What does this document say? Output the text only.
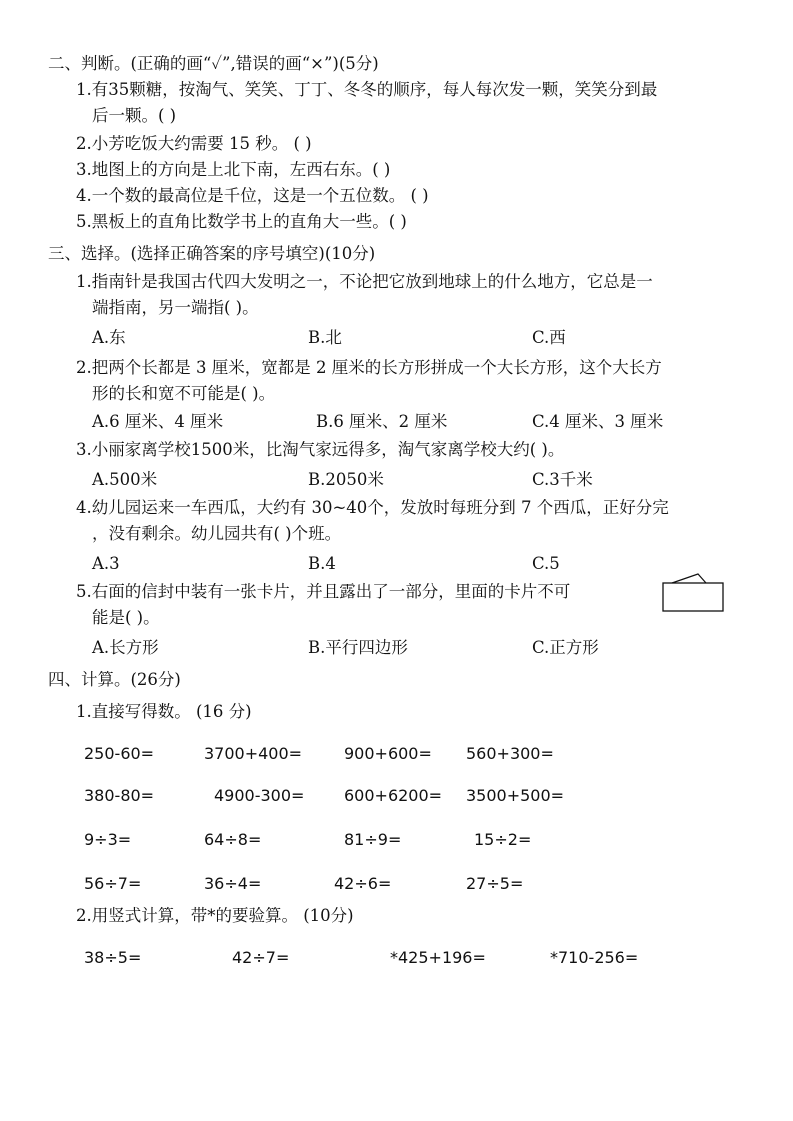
二、判断。(正确的画“✓”,错误的画“×”)(5分)
1.有35颗糖，按淘气、笑笑、丁丁、冬冬的顺序，每人每次发一颗，笑笑分到最
后一颗。( )
2.小芳吃饭大约需要 15 秒。 ( )
3.地图上的方向是上北下南，左西右东。( )
4.一个数的最高位是千位，这是一个五位数。 ( )
5.黑板上的直角比数学书上的直角大一些。( )
三、选择。(选择正确答案的序号填空)(10分)
1.指南针是我国古代四大发明之一，不论把它放到地球上的什么地方，它总是一
端指南，另一端指( )。
A.东	B.北	C.西
2.把两个长都是 3 厘米，宽都是 2 厘米的长方形拼成一个大长方形，这个大长方
形的长和宽不可能是( )。
A.6 厘米、4 厘米	B.6 厘米、2 厘米	C.4 厘米、3 厘米
3.小丽家离学校1500米，比淘气家远得多，淘气家离学校大约( )。
A.500米	B.2050米	C.3千米
4.幼儿园运来一车西瓜，大约有 30~40个，发放时每班分到 7 个西瓜，正好分完
，没有剩余。幼儿园共有( )个班。
A.3	B.4	C.5
5.右面的信封中装有一张卡片，并且露出了一部分，里面的卡片不可
能是( )。
A.长方形	B.平行四边形	C.正方形
四、计算。(26分)
1.直接写得数。 (16 分)
250-60=	3700+400=	900+600= 560+300=
380-80=	4900-300= 600+6200= 3500+500=
9÷3=	64÷8=	81÷9=	15÷2=
56÷7=	36÷4=	42÷6=	27÷5=
2.用竖式计算，带*的要验算。 (10分)
38÷5=	42÷7=	*425+196=	*710-256=
